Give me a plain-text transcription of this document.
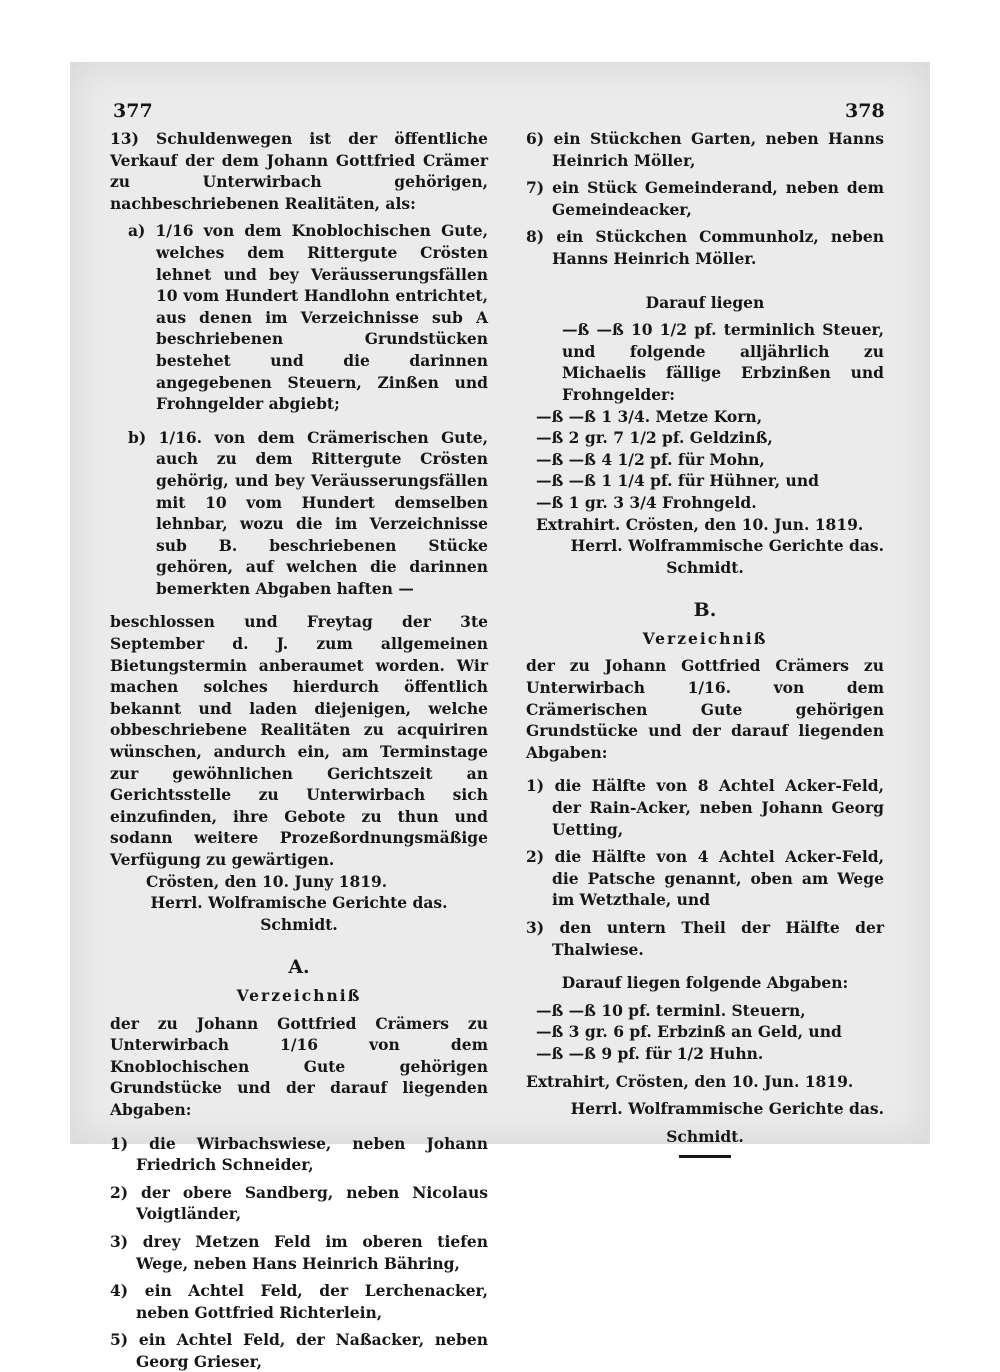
377	378

13) Schuldenwegen ist der öffentliche Verkauf der dem Johann Gottfried Crämer zu Unterwirbach gehörigen, nachbeschriebenen Realitäten, als:

a) 1/16 von dem Knoblochischen Gute, welches dem Rittergute Crösten lehnet und bey Veräusserungsfällen 10 vom Hundert Handlohn entrichtet, aus denen im Verzeichnisse sub A beschriebenen Grundstücken bestehet und die darinnen angegebenen Steuern, Zinßen und Frohngelder abgiebt;

b) 1/16. von dem Crämerischen Gute, auch zu dem Rittergute Crösten gehörig, und bey Veräusserungsfällen mit 10 vom Hundert demselben lehnbar, wozu die im Verzeichnisse sub B. beschriebenen Stücke gehören, auf welchen die darinnen bemerkten Abgaben haften —

beschlossen und Freytag der 3te September d. J. zum allgemeinen Bietungstermin anberaumet worden. Wir machen solches hierdurch öffentlich bekannt und laden diejenigen, welche obbeschriebene Realitäten zu acquiriren wünschen, andurch ein, am Terminstage zur gewöhnlichen Gerichtszeit an Gerichtsstelle zu Unterwirbach sich einzufinden, ihre Gebote zu thun und sodann weitere Prozeßordnungsmäßige Verfügung zu gewärtigen.

Crösten, den 10. Juny 1819.

Herrl. Wolframische Gerichte das.

Schmidt.

A.

Verzeichniß

der zu Johann Gottfried Crämers zu Unterwirbach 1/16 von dem Knoblochischen Gute gehörigen Grundstücke und der darauf liegenden Abgaben:

1) die Wirbachswiese, neben Johann Friedrich Schneider,

2) der obere Sandberg, neben Nicolaus Voigtländer,

3) drey Metzen Feld im oberen tiefen Wege, neben Hans Heinrich Bähring,

4) ein Achtel Feld, der Lerchenacker, neben Gottfried Richterlein,

5) ein Achtel Feld, der Naßacker, neben Georg Grieser,

6) ein Stückchen Garten, neben Hanns Heinrich Möller,

7) ein Stück Gemeinderand, neben dem Gemeindeacker,

8) ein Stückchen Communholz, neben Hanns Heinrich Möller.

Darauf liegen

—ß —ß 10 1/2 pf. terminlich Steuer, und folgende alljährlich zu Michaelis fällige Erbzinßen und Frohngelder:

—ß —ß 1 3/4. Metze Korn,

—ß 2 gr. 7 1/2 pf. Geldzinß,

—ß —ß 4 1/2 pf. für Mohn,

—ß —ß 1 1/4 pf. für Hühner, und

—ß 1 gr. 3 3/4 Frohngeld.

Extrahirt. Crösten, den 10. Jun. 1819.

Herrl. Wolframmische Gerichte das.

Schmidt.

B.

Verzeichniß

der zu Johann Gottfried Crämers zu Unterwirbach 1/16. von dem Crämerischen Gute gehörigen Grundstücke und der darauf liegenden Abgaben:

1) die Hälfte von 8 Achtel Acker-Feld, der Rain-Acker, neben Johann Georg Uetting,

2) die Hälfte von 4 Achtel Acker-Feld, die Patsche genannt, oben am Wege im Wetzthale, und

3) den untern Theil der Hälfte der Thalwiese.

Darauf liegen folgende Abgaben:

—ß —ß 10 pf. terminl. Steuern,

—ß 3 gr. 6 pf. Erbzinß an Geld, und

—ß —ß 9 pf. für 1/2 Huhn.

Extrahirt, Crösten, den 10. Jun. 1819.

Herrl. Wolframmische Gerichte das.

Schmidt.
